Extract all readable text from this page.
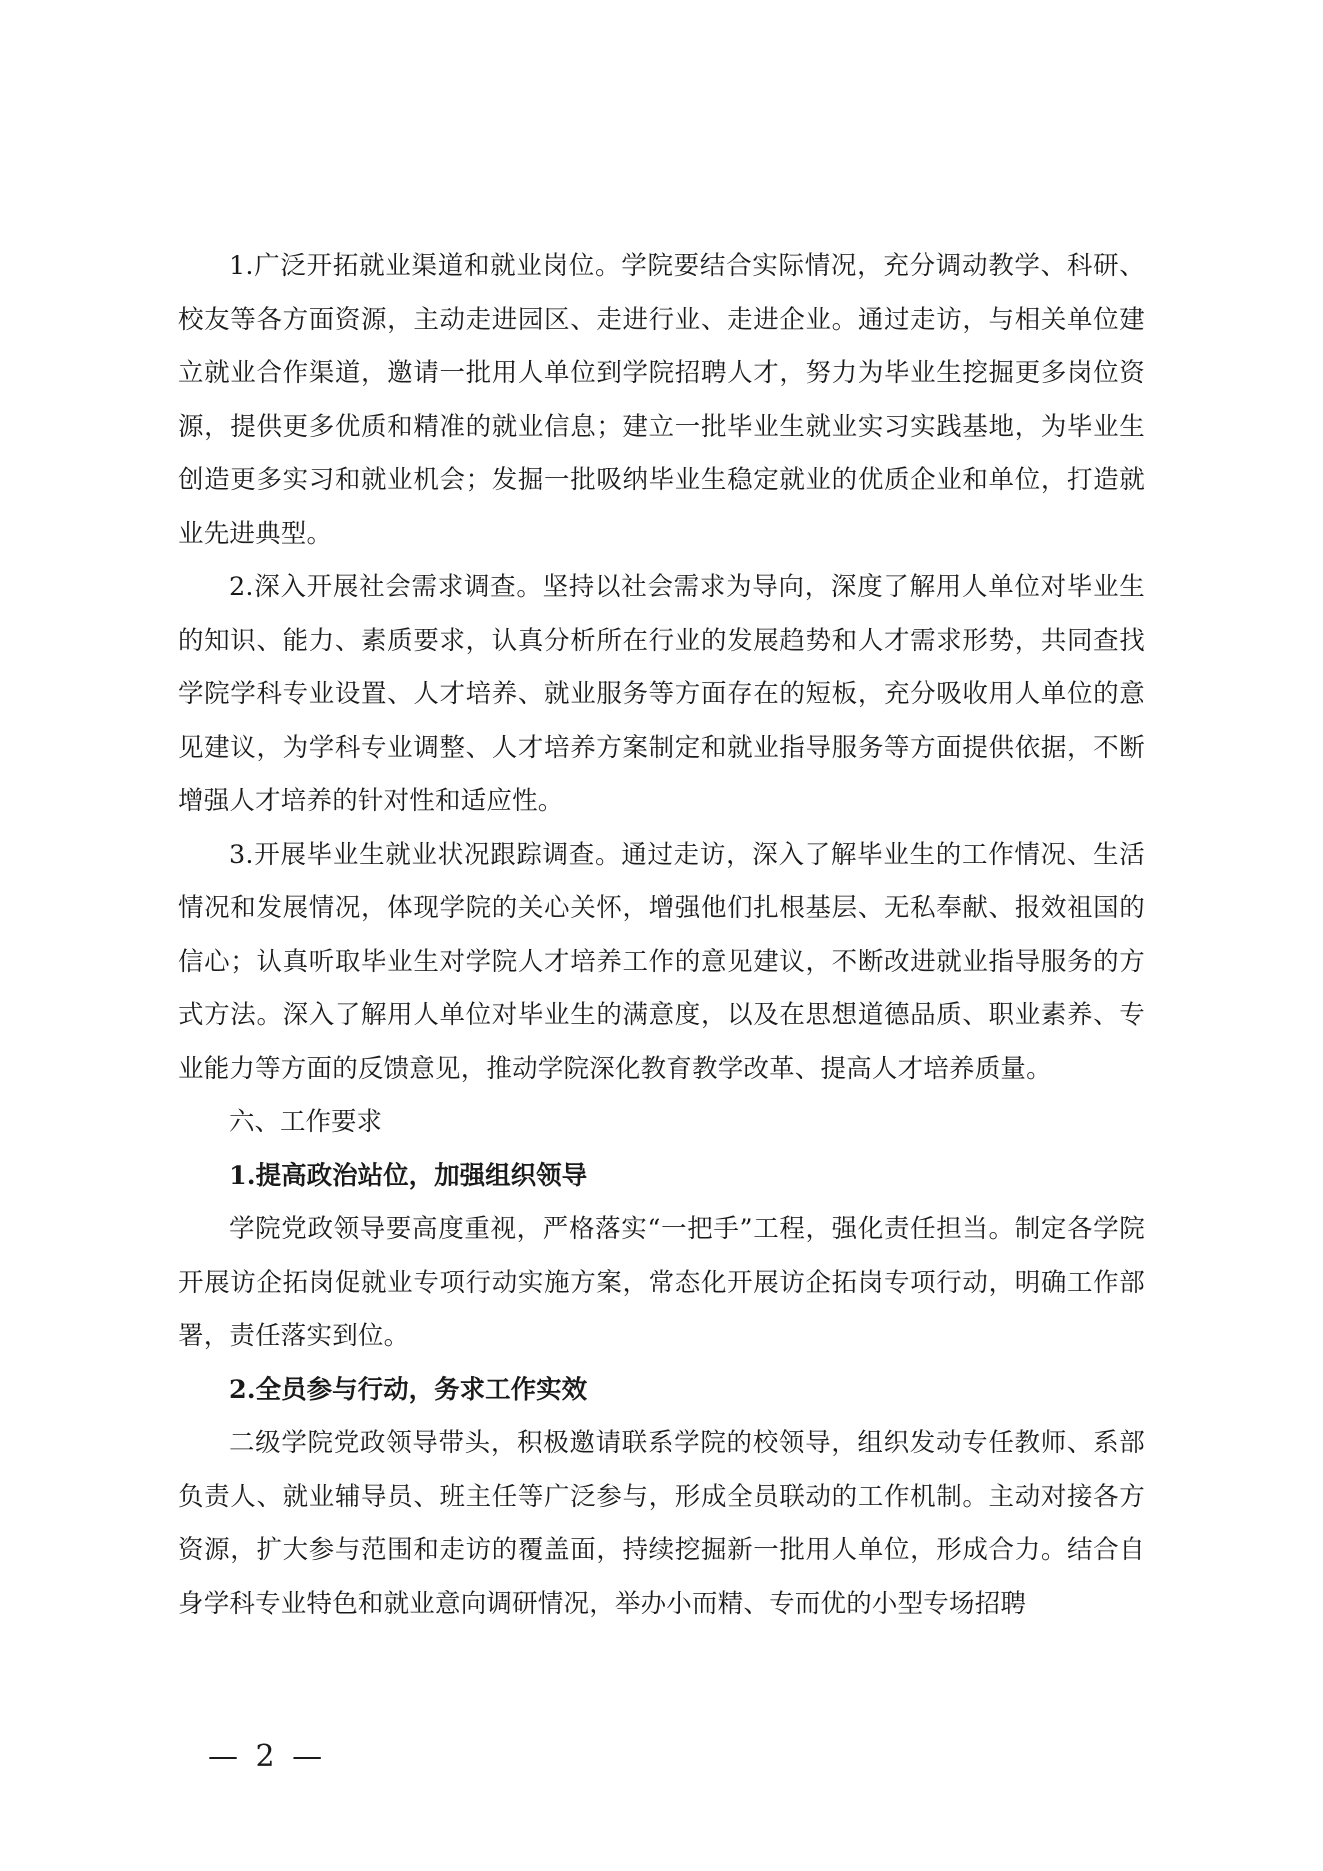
1.广泛开拓就业渠道和就业岗位。学院要结合实际情况，充分调动教学、科研、校友等各方面资源，主动走进园区、走进行业、走进企业。通过走访，与相关单位建立就业合作渠道，邀请一批用人单位到学院招聘人才，努力为毕业生挖掘更多岗位资源，提供更多优质和精准的就业信息；建立一批毕业生就业实习实践基地，为毕业生创造更多实习和就业机会；发掘一批吸纳毕业生稳定就业的优质企业和单位，打造就业先进典型。

2.深入开展社会需求调查。坚持以社会需求为导向，深度了解用人单位对毕业生的知识、能力、素质要求，认真分析所在行业的发展趋势和人才需求形势，共同查找学院学科专业设置、人才培养、就业服务等方面存在的短板，充分吸收用人单位的意见建议，为学科专业调整、人才培养方案制定和就业指导服务等方面提供依据，不断增强人才培养的针对性和适应性。

3.开展毕业生就业状况跟踪调查。通过走访，深入了解毕业生的工作情况、生活情况和发展情况，体现学院的关心关怀，增强他们扎根基层、无私奉献、报效祖国的信心；认真听取毕业生对学院人才培养工作的意见建议，不断改进就业指导服务的方式方法。深入了解用人单位对毕业生的满意度，以及在思想道德品质、职业素养、专业能力等方面的反馈意见，推动学院深化教育教学改革、提高人才培养质量。

六、工作要求

1.提高政治站位，加强组织领导

学院党政领导要高度重视，严格落实“一把手”工程，强化责任担当。制定各学院开展访企拓岗促就业专项行动实施方案，常态化开展访企拓岗专项行动，明确工作部署，责任落实到位。

2.全员参与行动，务求工作实效

二级学院党政领导带头，积极邀请联系学院的校领导，组织发动专任教师、系部负责人、就业辅导员、班主任等广泛参与，形成全员联动的工作机制。主动对接各方资源，扩大参与范围和走访的覆盖面，持续挖掘新一批用人单位，形成合力。结合自身学科专业特色和就业意向调研情况，举办小而精、专而优的小型专场招聘

— 2 —
